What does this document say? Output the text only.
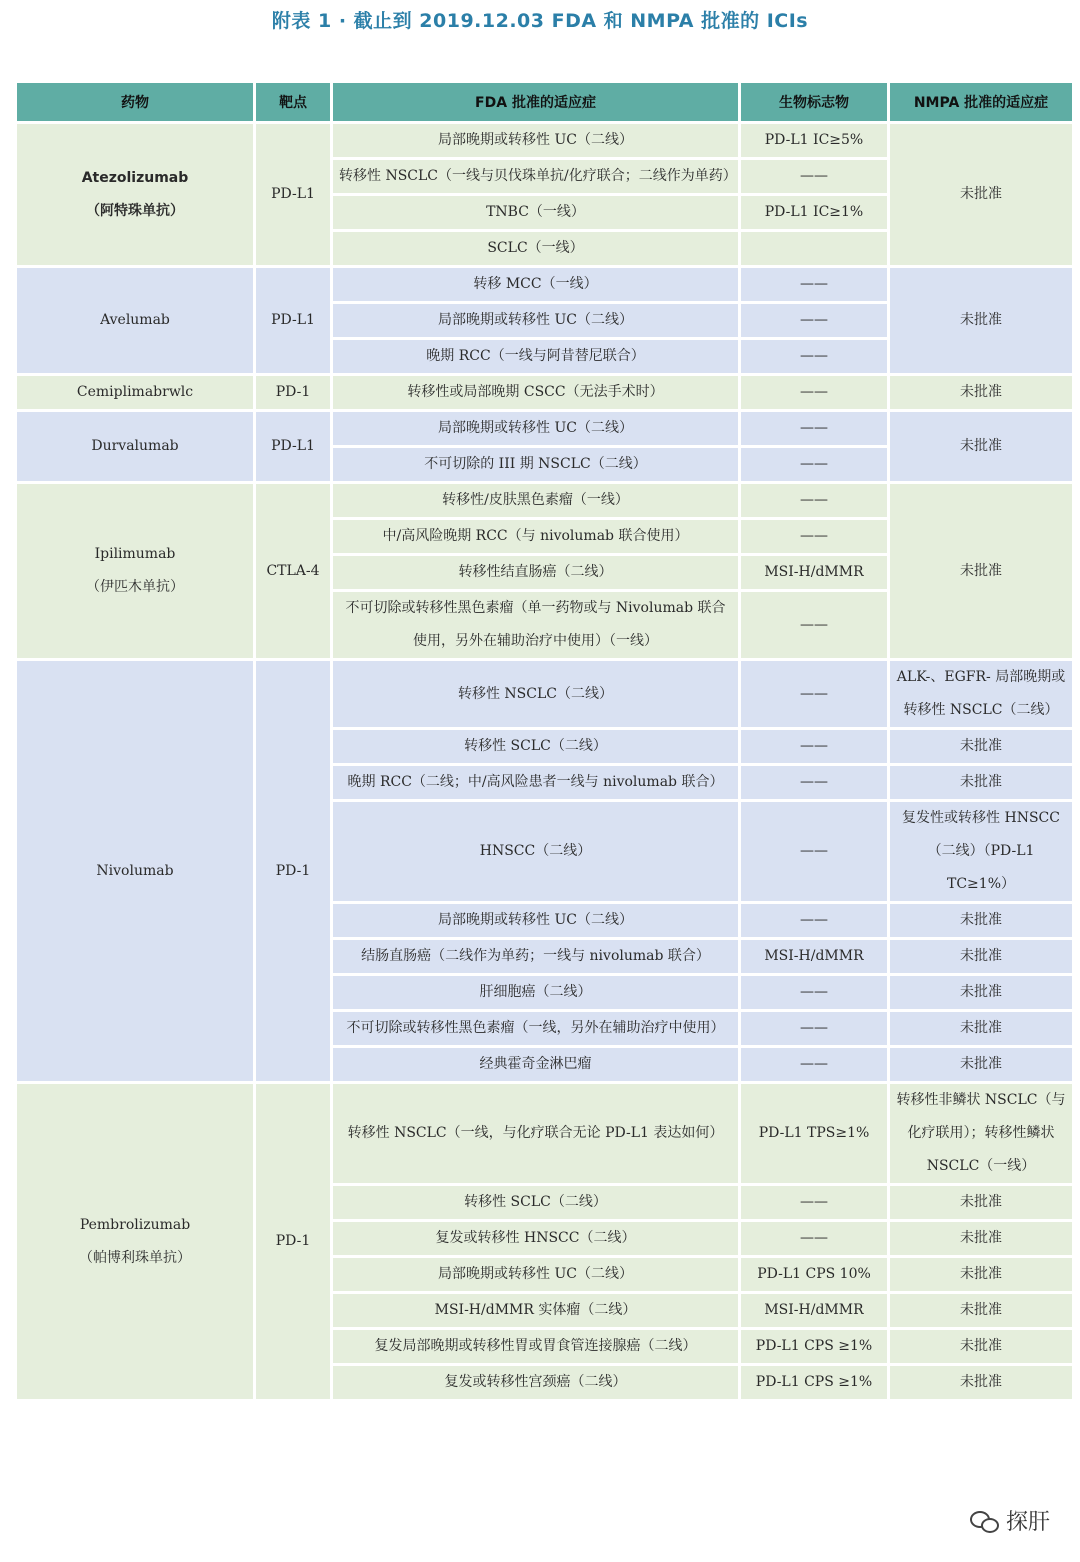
附表 1 · 截止到 2019.12.03 FDA 和 NMPA 批准的 ICIs
药物	靶点	FDA 批准的适应症	生物标志物	NMPA 批准的适应症

Atezolizumab
（阿特珠单抗）	PD-L1	局部晚期或转移性 UC（二线）	PD-L1 IC≥5%	未批准
		转移性 NSCLC（一线与贝伐珠单抗/化疗联合；二线作为单药）	——	
		TNBC（一线）	PD-L1 IC≥1%	
		SCLC（一线）		
Avelumab	PD-L1	转移 MCC（一线）	——	未批准
		局部晚期或转移性 UC（二线）	——	
		晚期 RCC（一线与阿昔替尼联合）	——	
Cemiplimabrwlc	PD-1	转移性或局部晚期 CSCC（无法手术时）	——	未批准
Durvalumab	PD-L1	局部晚期或转移性 UC（二线）	——	未批准
		不可切除的 III 期 NSCLC（二线）	——	

Ipilimumab
（伊匹木单抗）	CTLA-4	转移性/皮肤黑色素瘤（一线）	——	未批准
		中/高风险晚期 RCC（与 nivolumab 联合使用）	——	
		转移性结直肠癌（二线）	MSI-H/dMMR	
		不可切除或转移性黑色素瘤（单一药物或与 Nivolumab 联合使用，另外在辅助治疗中使用）（一线）	——	
Nivolumab	PD-1	转移性 NSCLC（二线）	——	ALK-、EGFR- 局部晚期或转移性 NSCLC（二线）
		转移性 SCLC（二线）	——	未批准
		晚期 RCC（二线；中/高风险患者一线与 nivolumab 联合）	——	未批准
		HNSCC（二线）	——	复发性或转移性 HNSCC（二线）（PD-L1 TC≥1%）
		局部晚期或转移性 UC（二线）	——	未批准
		结肠直肠癌（二线作为单药；一线与 nivolumab 联合）	MSI-H/dMMR	未批准
		肝细胞癌（二线）	——	未批准
		不可切除或转移性黑色素瘤（一线，另外在辅助治疗中使用）	——	未批准
		经典霍奇金淋巴瘤	——	未批准

Pembrolizumab
（帕博利珠单抗）	PD-1	转移性 NSCLC（一线，与化疗联合无论 PD-L1 表达如何）	PD-L1 TPS≥1%	转移性非鳞状 NSCLC（与化疗联用）；转移性鳞状 NSCLC（一线）
		转移性 SCLC（二线）	——	未批准
		复发或转移性 HNSCC（二线）	——	未批准
		局部晚期或转移性 UC（二线）	PD-L1 CPS 10%	未批准
		MSI-H/dMMR 实体瘤（二线）	MSI-H/dMMR	未批准
		复发局部晚期或转移性胃或胃食管连接腺癌（二线）	PD-L1 CPS ≥1%	未批准
		复发或转移性宫颈癌（二线）	PD-L1 CPS ≥1%	未批准
探肝
